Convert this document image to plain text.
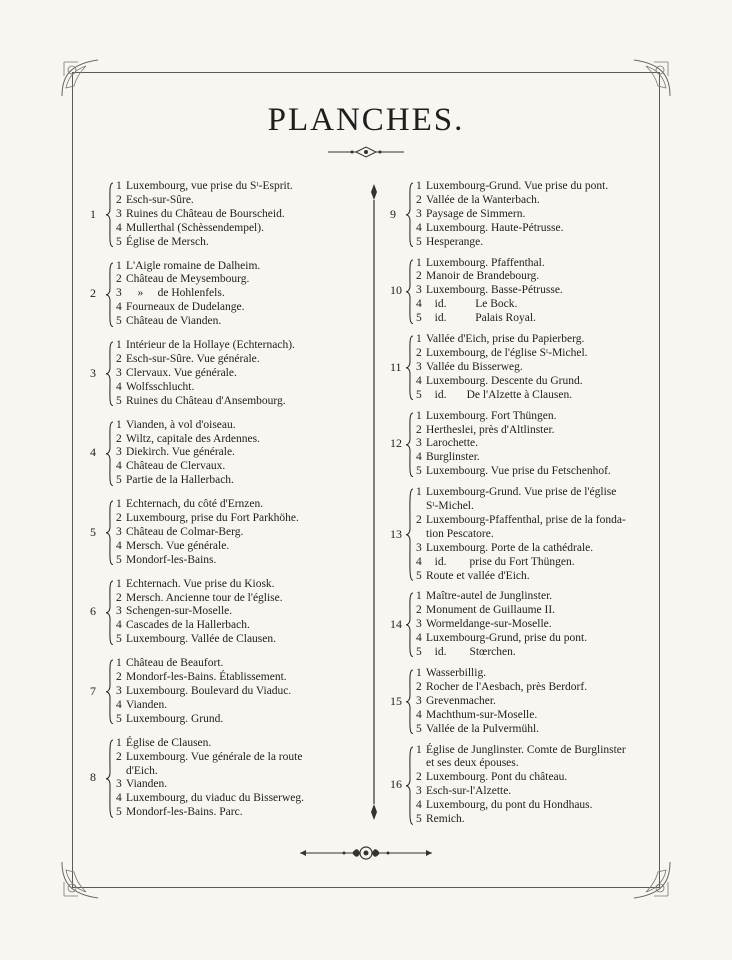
PLANCHES.
1
1 Luxembourg, vue prise du Sᵗ-Esprit.
2 Esch-sur-Sûre.
3 Ruines du Château de Bourscheid.
4 Mullerthal (Schèssendempel).
5 Église de Mersch.
2
1 L'Aigle romaine de Dalheim.
2 Château de Meysembourg.
3    »     de Hohlenfels.
4 Fourneaux de Dudelange.
5 Château de Vianden.
3
1 Intérieur de la Hollaye (Echternach).
2 Esch-sur-Sûre. Vue générale.
3 Clervaux. Vue générale.
4 Wolfsschlucht.
5 Ruines du Château d'Ansembourg.
4
1 Vianden, à vol d'oiseau.
2 Wiltz, capitale des Ardennes.
3 Diekirch. Vue générale.
4 Château de Clervaux.
5 Partie de la Hallerbach.
5
1 Echternach, du côté d'Ernzen.
2 Luxembourg, prise du Fort Parkhöhe.
3 Château de Colmar-Berg.
4 Mersch. Vue générale.
5 Mondorf-les-Bains.
6
1 Echternach. Vue prise du Kiosk.
2 Mersch. Ancienne tour de l'église.
3 Schengen-sur-Moselle.
4 Cascades de la Hallerbach.
5 Luxembourg. Vallée de Clausen.
7
1 Château de Beaufort.
2 Mondorf-les-Bains. Établissement.
3 Luxembourg. Boulevard du Viaduc.
4 Vianden.
5 Luxembourg. Grund.
8
1 Église de Clausen.
2 Luxembourg. Vue générale de la route
d'Eich.
3 Vianden.
4 Luxembourg, du viaduc du Bisserweg.
5 Mondorf-les-Bains. Parc.
9
1 Luxembourg-Grund. Vue prise du pont.
2 Vallée de la Wanterbach.
3 Paysage de Simmern.
4 Luxembourg. Haute-Pétrusse.
5 Hesperange.
10
1 Luxembourg. Pfaffenthal.
2 Manoir de Brandebourg.
3 Luxembourg. Basse-Pétrusse.
4   id.          Le Bock.
5   id.          Palais Royal.
11
1 Vallée d'Eich, prise du Papierberg.
2 Luxembourg, de l'église Sᵗ-Michel.
3 Vallée du Bisserweg.
4 Luxembourg. Descente du Grund.
5   id.       De l'Alzette à Clausen.
12
1 Luxembourg. Fort Thüngen.
2 Hertheslei, près d'Altlinster.
3 Larochette.
4 Burglinster.
5 Luxembourg. Vue prise du Fetschenhof.
13
1 Luxembourg-Grund. Vue prise de l'église
Sᵗ-Michel.
2 Luxembourg-Pfaffenthal, prise de la fonda-
tion Pescatore.
3 Luxembourg. Porte de la cathédrale.
4   id.        prise du Fort Thüngen.
5 Route et vallée d'Eich.
14
1 Maître-autel de Junglinster.
2 Monument de Guillaume II.
3 Wormeldange-sur-Moselle.
4 Luxembourg-Grund, prise du pont.
5   id.        Stœrchen.
15
1 Wasserbillig.
2 Rocher de l'Aesbach, près Berdorf.
3 Grevenmacher.
4 Machthum-sur-Moselle.
5 Vallée de la Pulvermühl.
16
1 Église de Junglinster. Comte de Burglinster
et ses deux épouses.
2 Luxembourg. Pont du château.
3 Esch-sur-l'Alzette.
4 Luxembourg, du pont du Hondhaus.
5 Remich.
